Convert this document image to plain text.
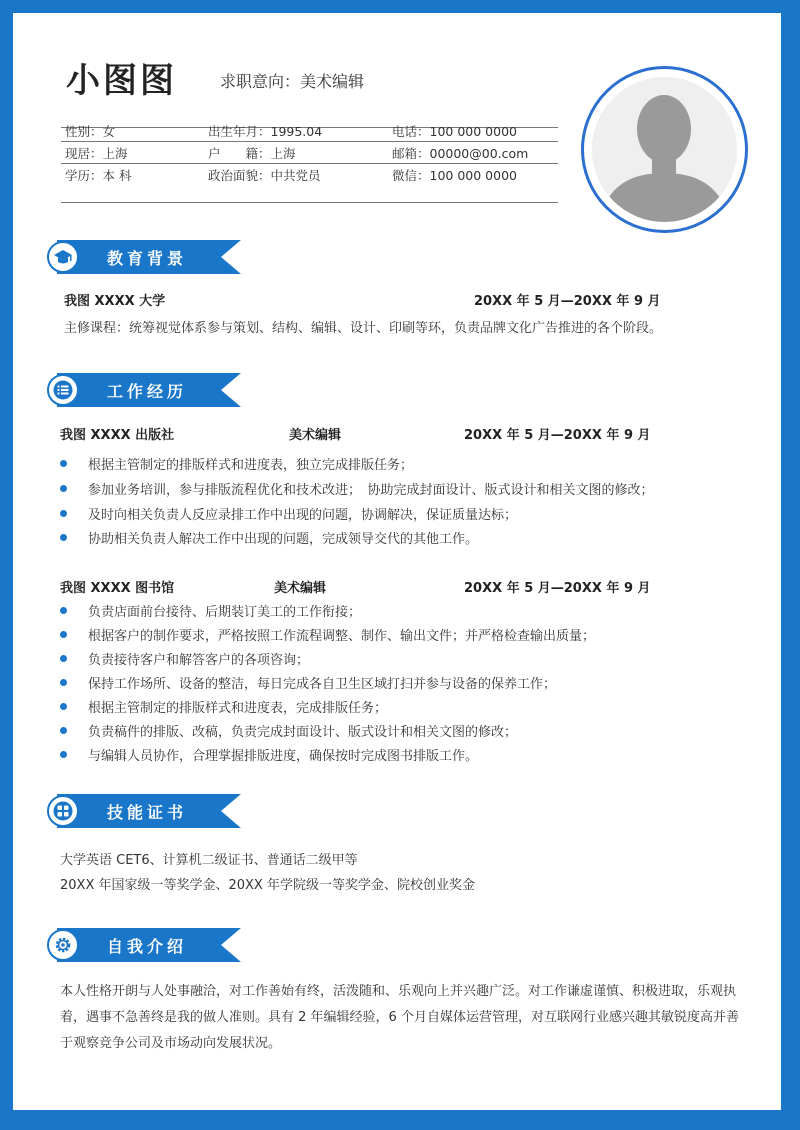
小图图	求职意向：美术编辑
性别：女	出生年月：1995.04	电话：100 000 0000
现居：上海	户　　籍：上海	邮箱：00000@00.com
学历：本 科	政治面貌：中共党员	微信：100 000 0000
教育背景
我图 XXXX 大学	20XX 年 5 月—20XX 年 9 月
主修课程：统筹视觉体系参与策划、结构、编辑、设计、印刷等环，负责品牌文化广告推进的各个阶段。
工作经历
我图 XXXX 出版社	美术编辑	20XX 年 5 月—20XX 年 9 月
根据主管制定的排版样式和进度表，独立完成排版任务；
参加业务培训，参与排版流程优化和技术改进；　协助完成封面设计、版式设计和相关文图的修改；
及时向相关负责人反应录排工作中出现的问题，协调解决，保证质量达标；
协助相关负责人解决工作中出现的问题，完成领导交代的其他工作。
我图 XXXX 图书馆	美术编辑	20XX 年 5 月—20XX 年 9 月
负责店面前台接待、后期装订美工的工作衔接；
根据客户的制作要求，严格按照工作流程调整、制作、输出文件；并严格检查输出质量；
负责接待客户和解答客户的各项咨询；
保持工作场所、设备的整洁，每日完成各自卫生区域打扫并参与设备的保养工作；
根据主管制定的排版样式和进度表，完成排版任务；
负责稿件的排版、改稿，负责完成封面设计、版式设计和相关文图的修改；
与编辑人员协作，合理掌握排版进度，确保按时完成图书排版工作。
技能证书
大学英语 CET6、计算机二级证书、普通话二级甲等
20XX 年国家级一等奖学金、20XX 年学院级一等奖学金、院校创业奖金
自我介绍
本人性格开朗与人处事融洽，对工作善始有终，活泼随和、乐观向上并兴趣广泛。对工作谦虚谨慎、积极进取，乐观执着，遇事不急善终是我的做人准则。具有 2 年编辑经验，6 个月自媒体运营管理，对互联网行业感兴趣其敏锐度高并善于观察竞争公司及市场动向发展状况。
